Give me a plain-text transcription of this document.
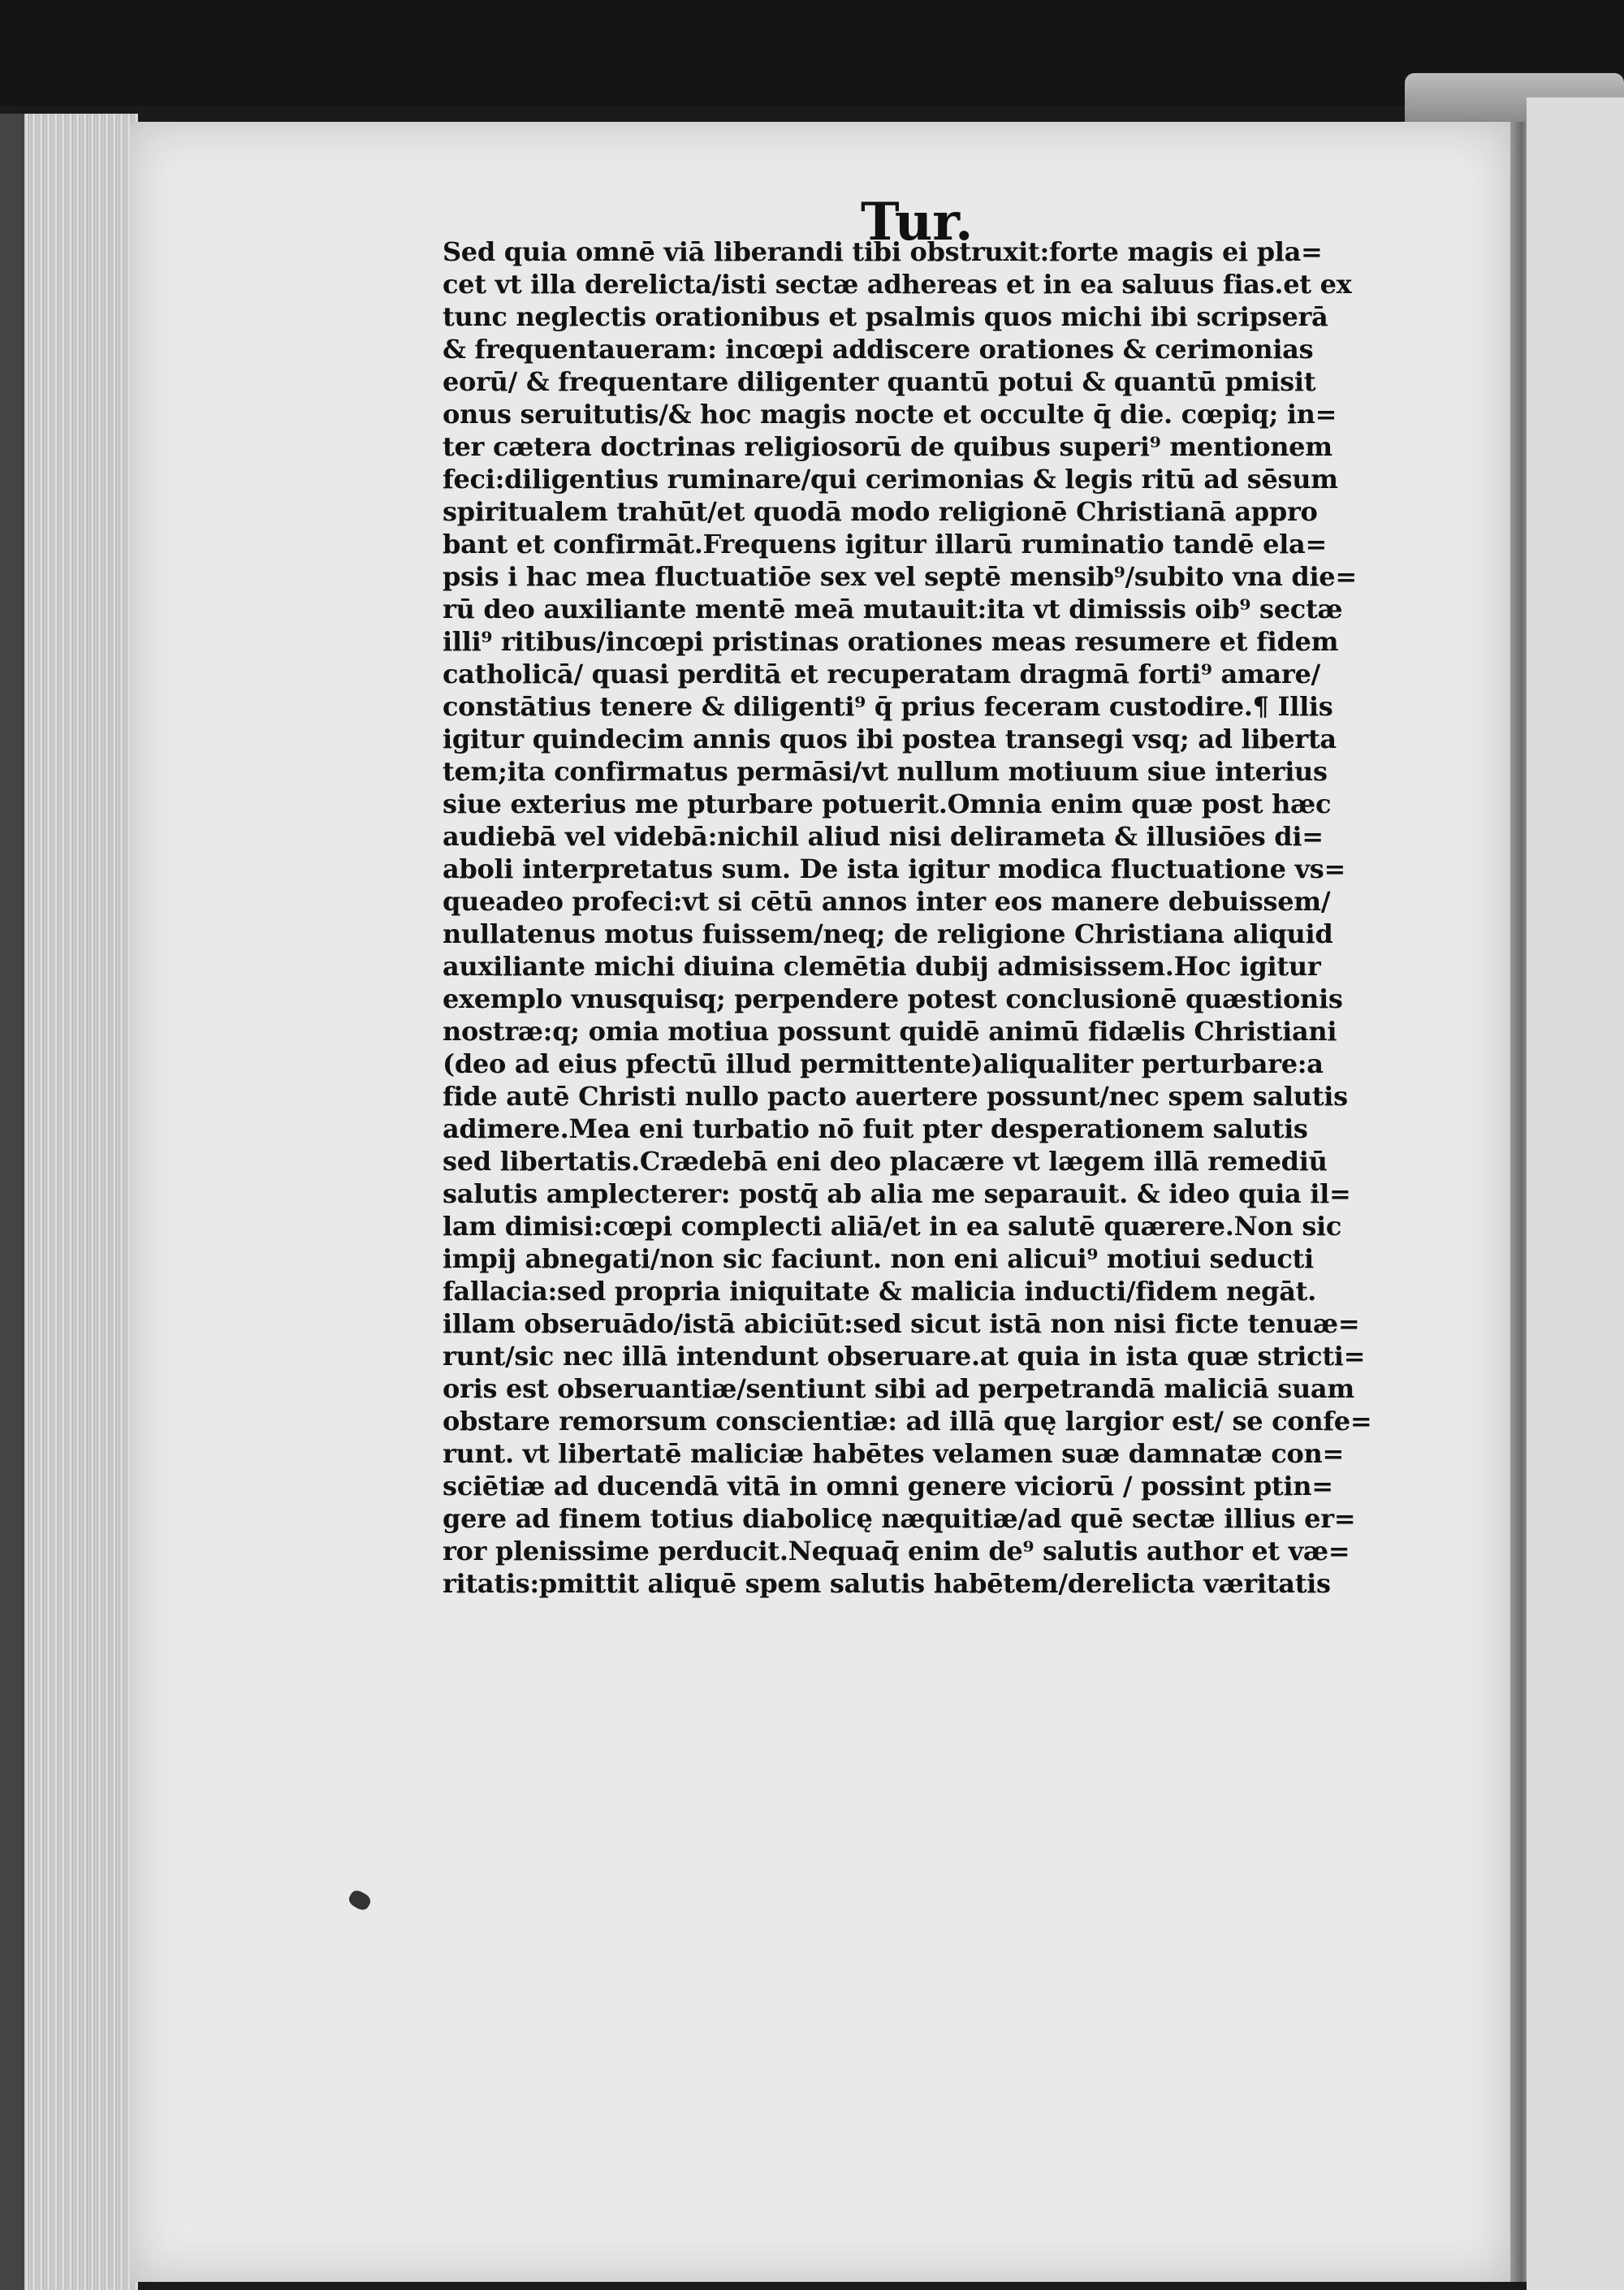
Tur.
Sed quia omnē viā liberandi tibi obstruxit:forte magis ei pla=
cet vt illa derelicta/isti sectæ adhereas et in ea saluus fias.et ex
tunc neglectis orationibus et psalmis quos michi ibi scripserā
& frequentaueram: incœpi addiscere orationes & cerimonias
eorū/ & frequentare diligenter quantū potui & quantū pmisit
onus seruitutis/& hoc magis nocte et occulte q̄ die. cœpiq; in=
ter cætera doctrinas religiosorū de quibus superi⁹ mentionem
feci:diligentius ruminare/qui cerimonias & legis ritū ad sēsum
spiritualem trahūt/et quodā modo religionē Christianā appro
bant et confirmāt.Frequens igitur illarū ruminatio tandē ela=
psis i hac mea fluctuatiōe sex vel septē mensib⁹/subito vna die=
rū deo auxiliante mentē meā mutauit:ita vt dimissis oib⁹ sectæ
illi⁹ ritibus/incœpi pristinas orationes meas resumere et fidem
catholicā/ quasi perditā et recuperatam dragmā forti⁹ amare/
constātius tenere & diligenti⁹ q̄ prius feceram custodire.¶ Illis
igitur quindecim annis quos ibi postea transegi vsq; ad liberta
tem;ita confirmatus permāsi/vt nullum motiuum siue interius
siue exterius me pturbare potuerit.Omnia enim quæ post hæc
audiebā vel videbā:nichil aliud nisi delirameta & illusiōes di=
aboli interpretatus sum. De ista igitur modica fluctuatione vs=
queadeo profeci:vt si cētū annos inter eos manere debuissem/
nullatenus motus fuissem/neq; de religione Christiana aliquid
auxiliante michi diuina clemētia dubij admisissem.Hoc igitur
exemplo vnusquisq; perpendere potest conclusionē quæstionis
nostræ:q; omia motiua possunt quidē animū fidælis Christiani
(deo ad eius pfectū illud permittente)aliqualiter perturbare:a
fide autē Christi nullo pacto auertere possunt/nec spem salutis
adimere.Mea eni turbatio nō fuit pter desperationem salutis
sed libertatis.Crædebā eni deo placære vt lægem illā remediū
salutis amplecterer: postq̄ ab alia me separauit. & ideo quia il=
lam dimisi:cœpi complecti aliā/et in ea salutē quærere.Non sic
impij abnegati/non sic faciunt. non eni alicui⁹ motiui seducti
fallacia:sed propria iniquitate & malicia inducti/fidem negāt.
illam obseruādo/istā abiciūt:sed sicut istā non nisi ficte tenuæ=
runt/sic nec illā intendunt obseruare.at quia in ista quæ stricti=
oris est obseruantiæ/sentiunt sibi ad perpetrandā maliciā suam
obstare remorsum conscientiæ: ad illā quę largior est/ se confe=
runt. vt libertatē maliciæ habētes velamen suæ damnatæ con=
sciētiæ ad ducendā vitā in omni genere viciorū / possint ptin=
gere ad finem totius diabolicę næquitiæ/ad quē sectæ illius er=
ror plenissime perducit.Nequaq̄ enim de⁹ salutis author et væ=
ritatis:pmittit aliquē spem salutis habētem/derelicta væritatis
